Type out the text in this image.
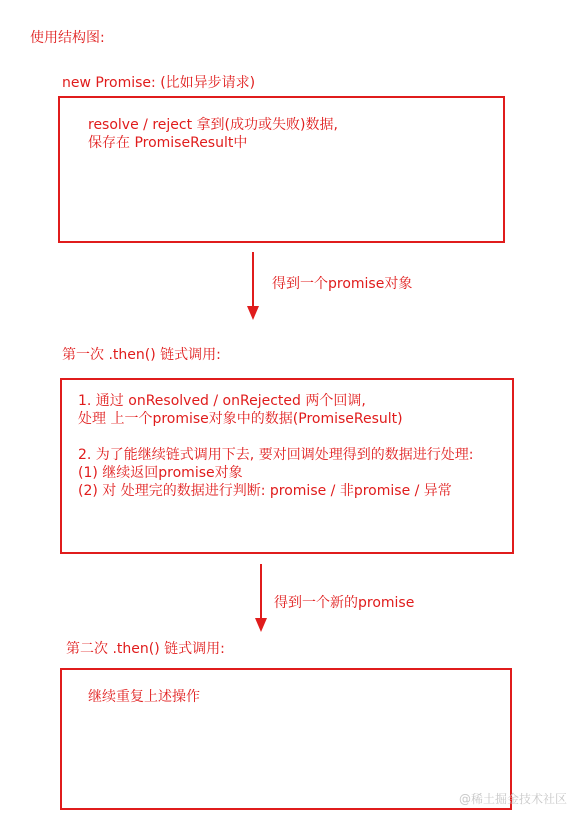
使用结构图:
new Promise: (比如异步请求)
resolve / reject 拿到(成功或失败)数据,
保存在 PromiseResult中
得到一个promise对象
第一次 .then() 链式调用:
1. 通过 onResolved / onRejected 两个回调,
处理 上一个promise对象中的数据(PromiseResult)
2. 为了能继续链式调用下去, 要对回调处理得到的数据进行处理:
(1) 继续返回promise对象
(2) 对 处理完的数据进行判断: promise / 非promise / 异常
得到一个新的promise
第二次 .then() 链式调用:
继续重复上述操作
@稀土掘金技术社区
